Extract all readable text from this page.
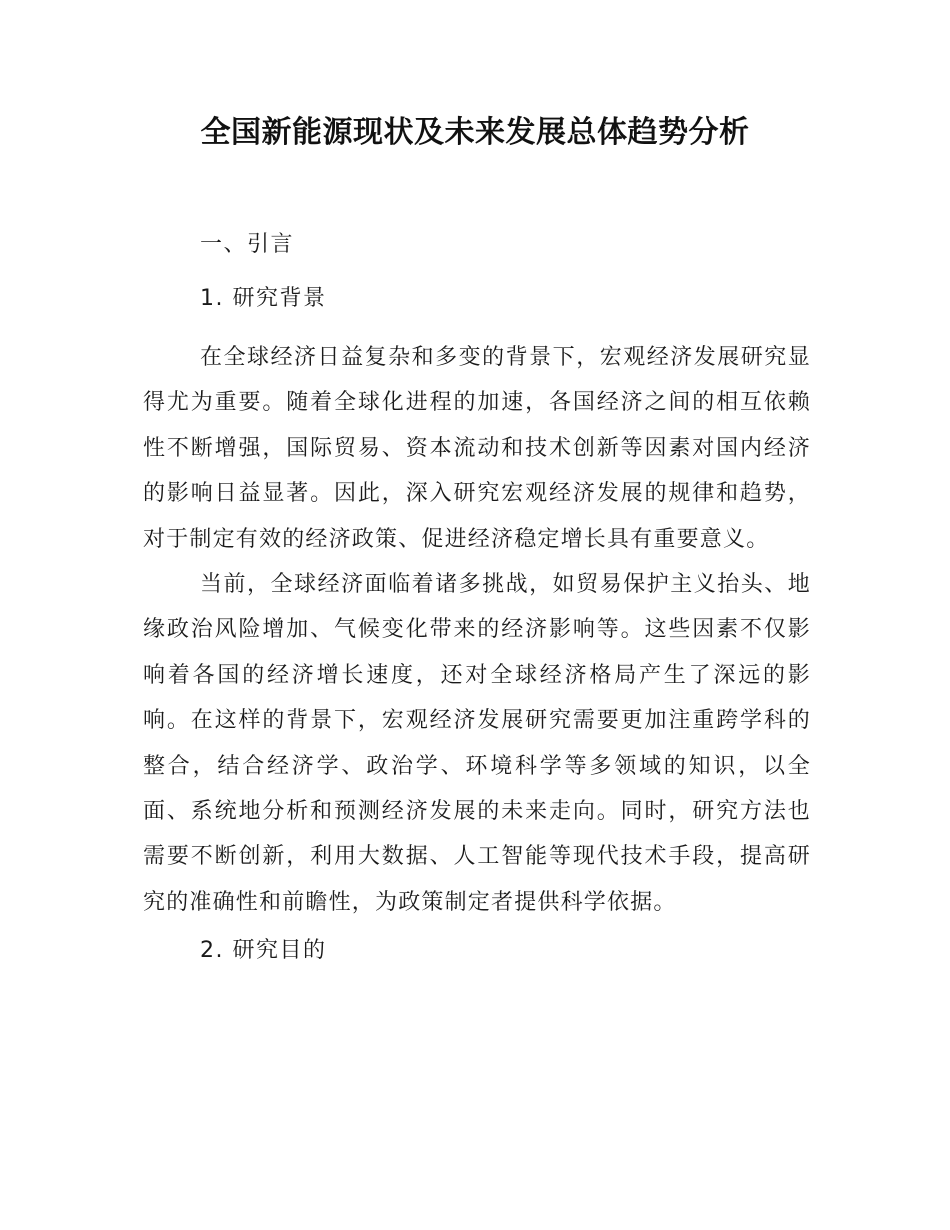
全国新能源现状及未来发展总体趋势分析
一、引言
1. 研究背景

在全球经济日益复杂和多变的背景下，宏观经济发展研究显得尤为重要。随着全球化进程的加速，各国经济之间的相互依赖性不断增强，国际贸易、资本流动和技术创新等因素对国内经济的影响日益显著。因此，深入研究宏观经济发展的规律和趋势，对于制定有效的经济政策、促进经济稳定增长具有重要意义。

当前，全球经济面临着诸多挑战，如贸易保护主义抬头、地缘政治风险增加、气候变化带来的经济影响等。这些因素不仅影响着各国的经济增长速度，还对全球经济格局产生了深远的影响。在这样的背景下，宏观经济发展研究需要更加注重跨学科的整合，结合经济学、政治学、环境科学等多领域的知识，以全面、系统地分析和预测经济发展的未来走向。同时，研究方法也需要不断创新，利用大数据、人工智能等现代技术手段，提高研究的准确性和前瞻性，为政策制定者提供科学依据。

2. 研究目的
